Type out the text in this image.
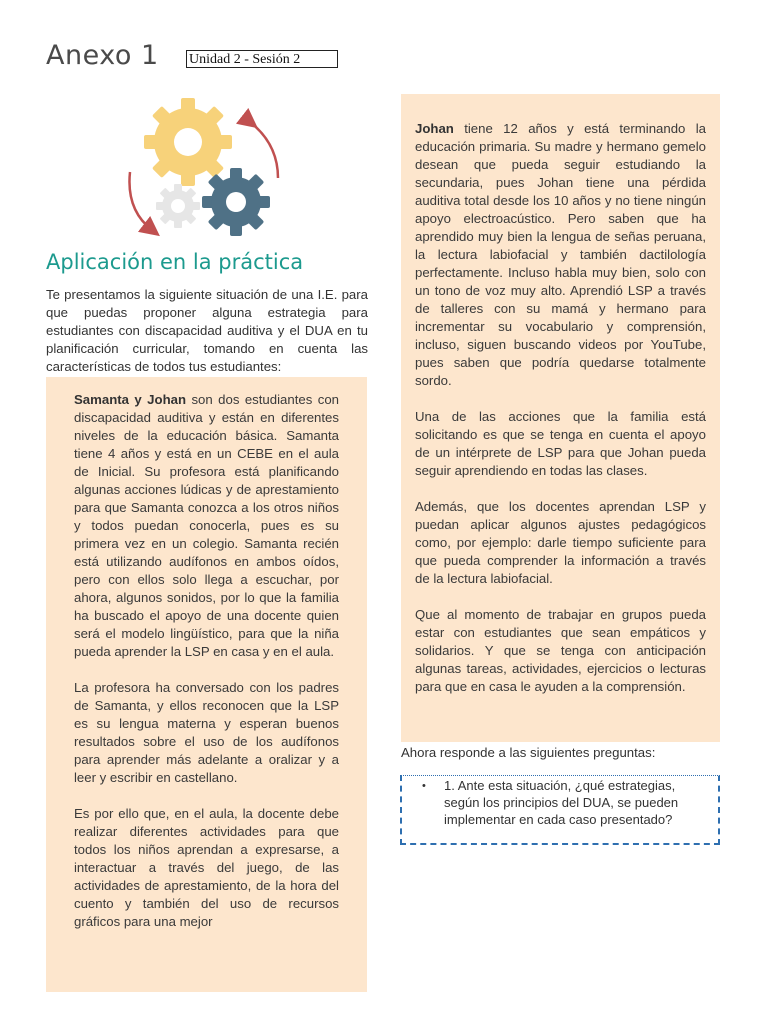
Anexo 1 Unidad 2 - Sesión 2
Aplicación en la práctica

Te presentamos la siguiente situación de una I.E. para que puedas proponer alguna estrategia para estudiantes con discapacidad auditiva y el DUA en tu planificación curricular, tomando en cuenta las características de todos tus estudiantes:

Samanta y Johan son dos estudiantes con discapacidad auditiva y están en diferentes niveles de la educación básica. Samanta tiene 4 años y está en un CEBE en el aula de Inicial. Su profesora está planificando algunas acciones lúdicas y de aprestamiento para que Samanta conozca a los otros niños y todos puedan conocerla, pues es su primera vez en un colegio. Samanta recién está utilizando audífonos en ambos oídos, pero con ellos solo llega a escuchar, por ahora, algunos sonidos, por lo que la familia ha buscado el apoyo de una docente quien será el modelo lingüístico, para que la niña pueda aprender la LSP en casa y en el aula.

La profesora ha conversado con los padres de Samanta, y ellos reconocen que la LSP es su lengua materna y esperan buenos resultados sobre el uso de los audífonos para aprender más adelante a oralizar y a leer y escribir en castellano.

Es por ello que, en el aula, la docente debe realizar diferentes actividades para que todos los niños aprendan a expresarse, a interactuar a través del juego, de las actividades de aprestamiento, de la hora del cuento y también del uso de recursos gráficos para una mejor

Johan tiene 12 años y está terminando la educación primaria. Su madre y hermano gemelo desean que pueda seguir estudiando la secundaria, pues Johan tiene una pérdida auditiva total desde los 10 años y no tiene ningún apoyo electroacústico. Pero saben que ha aprendido muy bien la lengua de señas peruana, la lectura labiofacial y también dactilología perfectamente. Incluso habla muy bien, solo con un tono de voz muy alto. Aprendió LSP a través de talleres con su mamá y hermano para incrementar su vocabulario y comprensión, incluso, siguen buscando videos por YouTube, pues saben que podría quedarse totalmente sordo.

Una de las acciones que la familia está solicitando es que se tenga en cuenta el apoyo de un intérprete de LSP para que Johan pueda seguir aprendiendo en todas las clases.

Además, que los docentes aprendan LSP y puedan aplicar algunos ajustes pedagógicos como, por ejemplo: darle tiempo suficiente para que pueda comprender la información a través de la lectura labiofacial.

Que al momento de trabajar en grupos pueda estar con estudiantes que sean empáticos y solidarios. Y que se tenga con anticipación algunas tareas, actividades, ejercicios o lecturas para que en casa le ayuden a la comprensión.

Ahora responde a las siguientes preguntas:

• 1. Ante esta situación, ¿qué estrategias, según los principios del DUA, se pueden implementar en cada caso presentado?
